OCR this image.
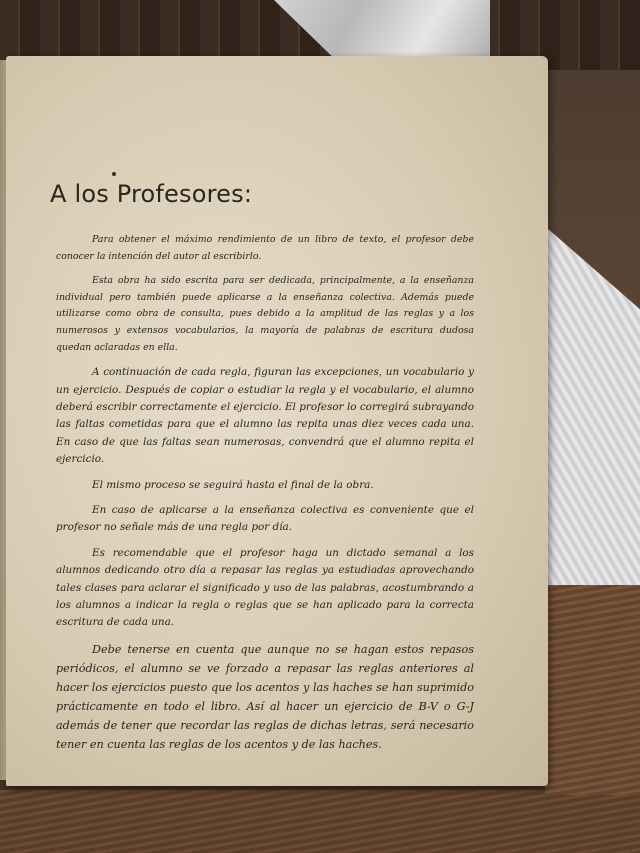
A los Profesores:

Para obtener el máximo rendimiento de un libro de texto, el profesor debe conocer la intención del autor al escribirlo.

Esta obra ha sido escrita para ser dedicada, principalmente, a la enseñanza individual pero también puede aplicarse a la enseñanza colectiva. Además puede utilizarse como obra de consulta, pues debido a la amplitud de las reglas y a los numerosos y extensos vocabularios, la mayoría de palabras de escritura dudosa quedan aclaradas en ella.

A continuación de cada regla, figuran las excepciones, un vocabulario y un ejercicio. Después de copiar o estudiar la regla y el vocabulario, el alumno deberá escribir correctamente el ejercicio. El profesor lo corregirá subrayando las faltas cometidas para que el alumno las repita unas diez veces cada una. En caso de que las faltas sean numerosas, convendrá que el alumno repita el ejercicio.

El mismo proceso se seguirá hasta el final de la obra.

En caso de aplicarse a la enseñanza colectiva es conveniente que el profesor no señale más de una regla por día.

Es recomendable que el profesor haga un dictado semanal a los alumnos dedicando otro día a repasar las reglas ya estudiadas aprovechando tales clases para aclarar el significado y uso de las palabras, acostumbrando a los alumnos a indicar la regla o reglas que se han aplicado para la correcta escritura de cada una.

Debe tenerse en cuenta que aunque no se hagan estos repasos periódicos, el alumno se ve forzado a repasar las reglas anteriores al hacer los ejercicios puesto que los acentos y las haches se han suprimido prácticamente en todo el libro. Así al hacer un ejercicio de B-V o G-J además de tener que recordar las reglas de dichas letras, será necesario tener en cuenta las reglas de los acentos y de las haches.
